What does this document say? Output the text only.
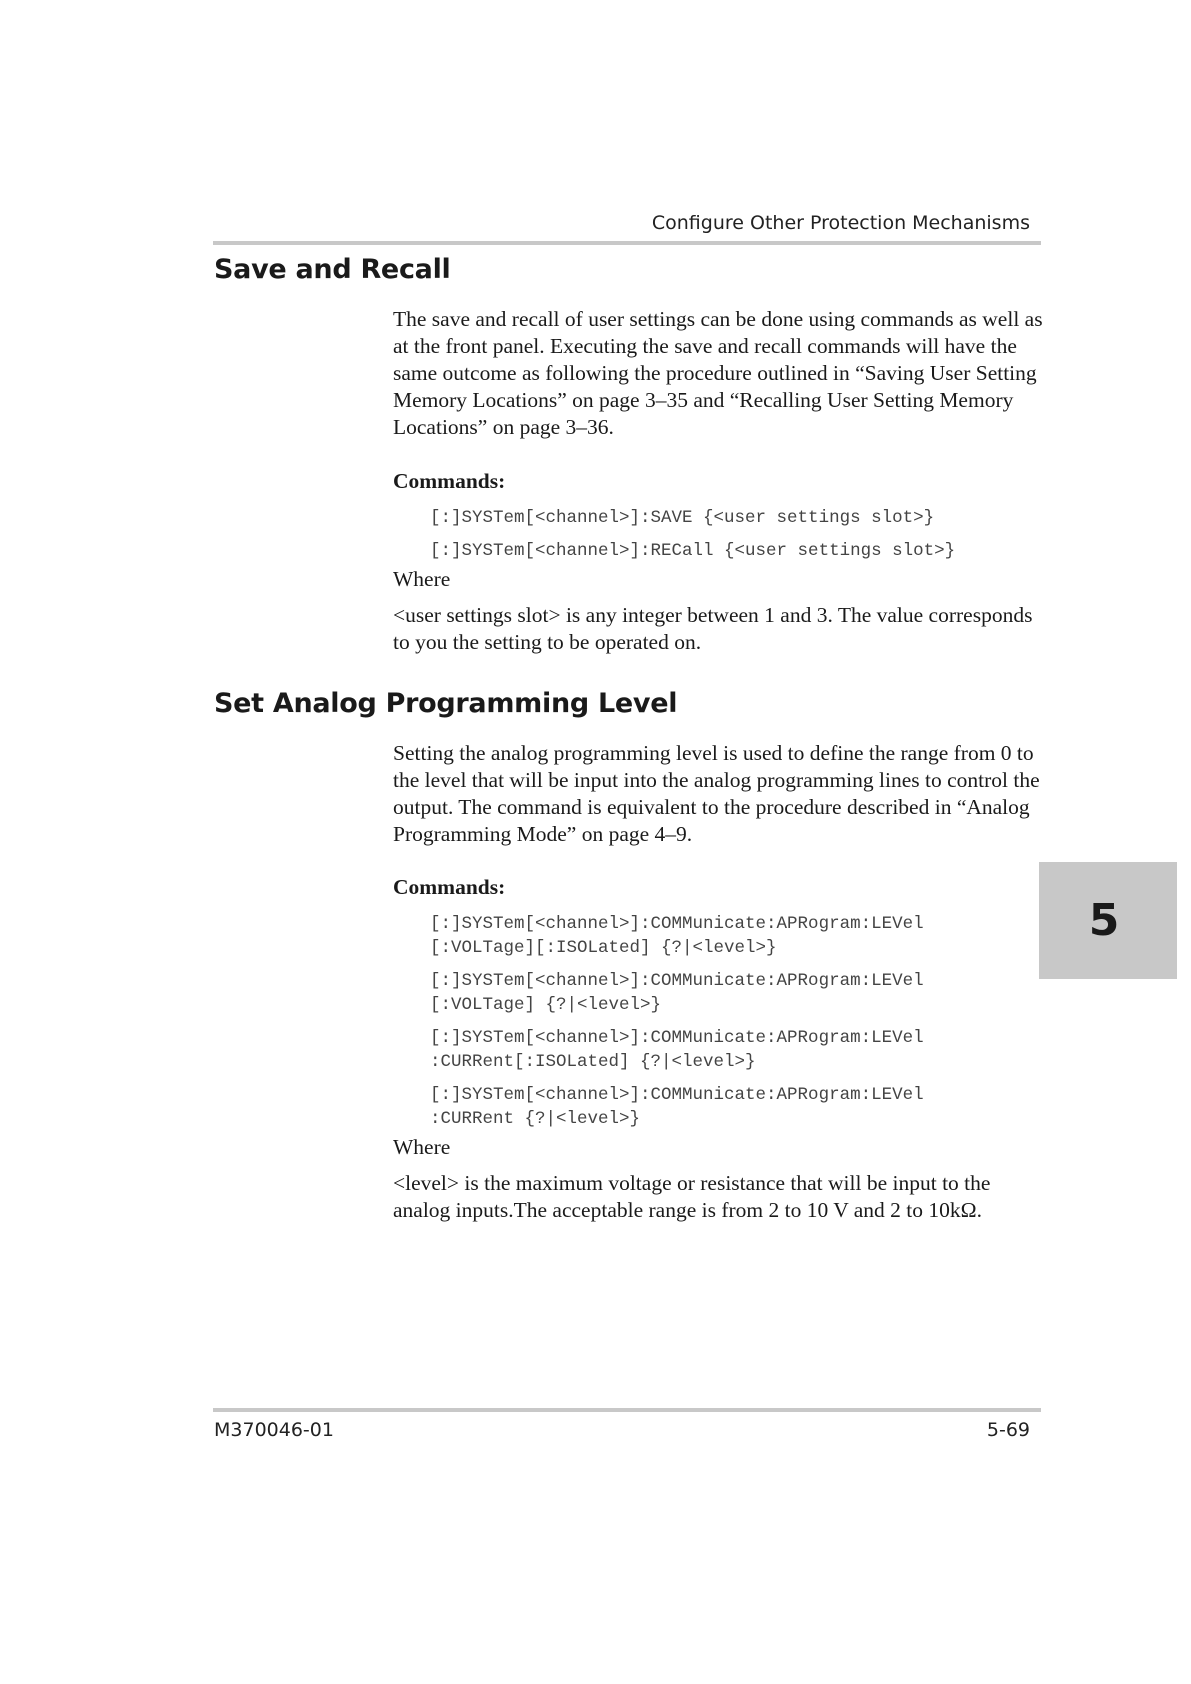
Configure Other Protection Mechanisms
Save and Recall

The save and recall of user settings can be done using commands as well as at the front panel. Executing the save and recall commands will have the same outcome as following the procedure outlined in “Saving User Setting Memory Locations” on page 3–35 and “Recalling User Setting Memory Locations” on page 3–36.

Commands:

[:]SYSTem[<channel>]:SAVE {<user settings slot>}

[:]SYSTem[<channel>]:RECall {<user settings slot>}

Where

<user settings slot> is any integer between 1 and 3. The value corresponds to you the setting to be operated on.

Set Analog Programming Level

Setting the analog programming level is used to define the range from 0 to the level that will be input into the analog programming lines to control the output. The command is equivalent to the procedure described in “Analog Programming Mode” on page 4–9.

Commands:

[:]SYSTem[<channel>]:COMMunicate:APRogram:LEVel

[:VOLTage][:ISOLated] {?|<level>}

[:]SYSTem[<channel>]:COMMunicate:APRogram:LEVel

[:VOLTage] {?|<level>}

[:]SYSTem[<channel>]:COMMunicate:APRogram:LEVel

:CURRent[:ISOLated] {?|<level>}

[:]SYSTem[<channel>]:COMMunicate:APRogram:LEVel

:CURRent {?|<level>}

Where

<level> is the maximum voltage or resistance that will be input to the analog inputs.The acceptable range is from 2 to 10 V and 2 to 10kΩ.

5
M370046-01	5-69
